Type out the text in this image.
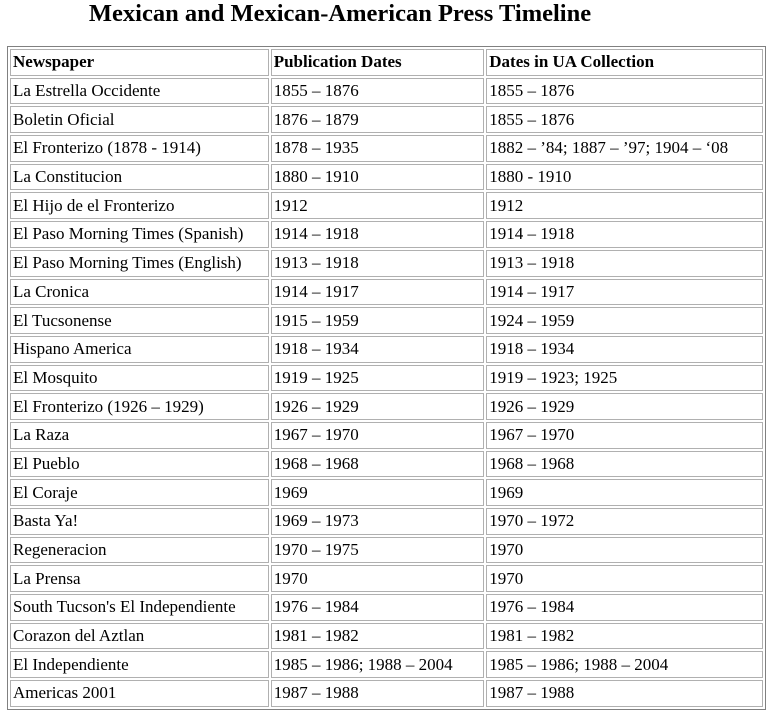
Mexican and Mexican-American Press Timeline
Newspaper	Publication Dates	Dates in UA Collection
La Estrella Occidente	1855 – 1876	1855 – 1876
Boletin Oficial	1876 – 1879	1855 – 1876
El Fronterizo (1878 - 1914)	1878 – 1935	1882 – ’84; 1887 – ’97; 1904 – ‘08
La Constitucion	1880 – 1910	1880 - 1910
El Hijo de el Fronterizo	1912	1912
El Paso Morning Times (Spanish)	1914 – 1918	1914 – 1918
El Paso Morning Times (English)	1913 – 1918	1913 – 1918
La Cronica	1914 – 1917	1914 – 1917
El Tucsonense	1915 – 1959	1924 – 1959
Hispano America	1918 – 1934	1918 – 1934
El Mosquito	1919 – 1925	1919 – 1923; 1925
El Fronterizo (1926 – 1929)	1926 – 1929	1926 – 1929
La Raza	1967 – 1970	1967 – 1970
El Pueblo	1968 – 1968	1968 – 1968
El Coraje	1969	1969
Basta Ya!	1969 – 1973	1970 – 1972
Regeneracion	1970 – 1975	1970
La Prensa	1970	1970
South Tucson's El Independiente	1976 – 1984	1976 – 1984
Corazon del Aztlan	1981 – 1982	1981 – 1982
El Independiente	1985 – 1986; 1988 – 2004	1985 – 1986; 1988 – 2004
Americas 2001	1987 – 1988	1987 – 1988
